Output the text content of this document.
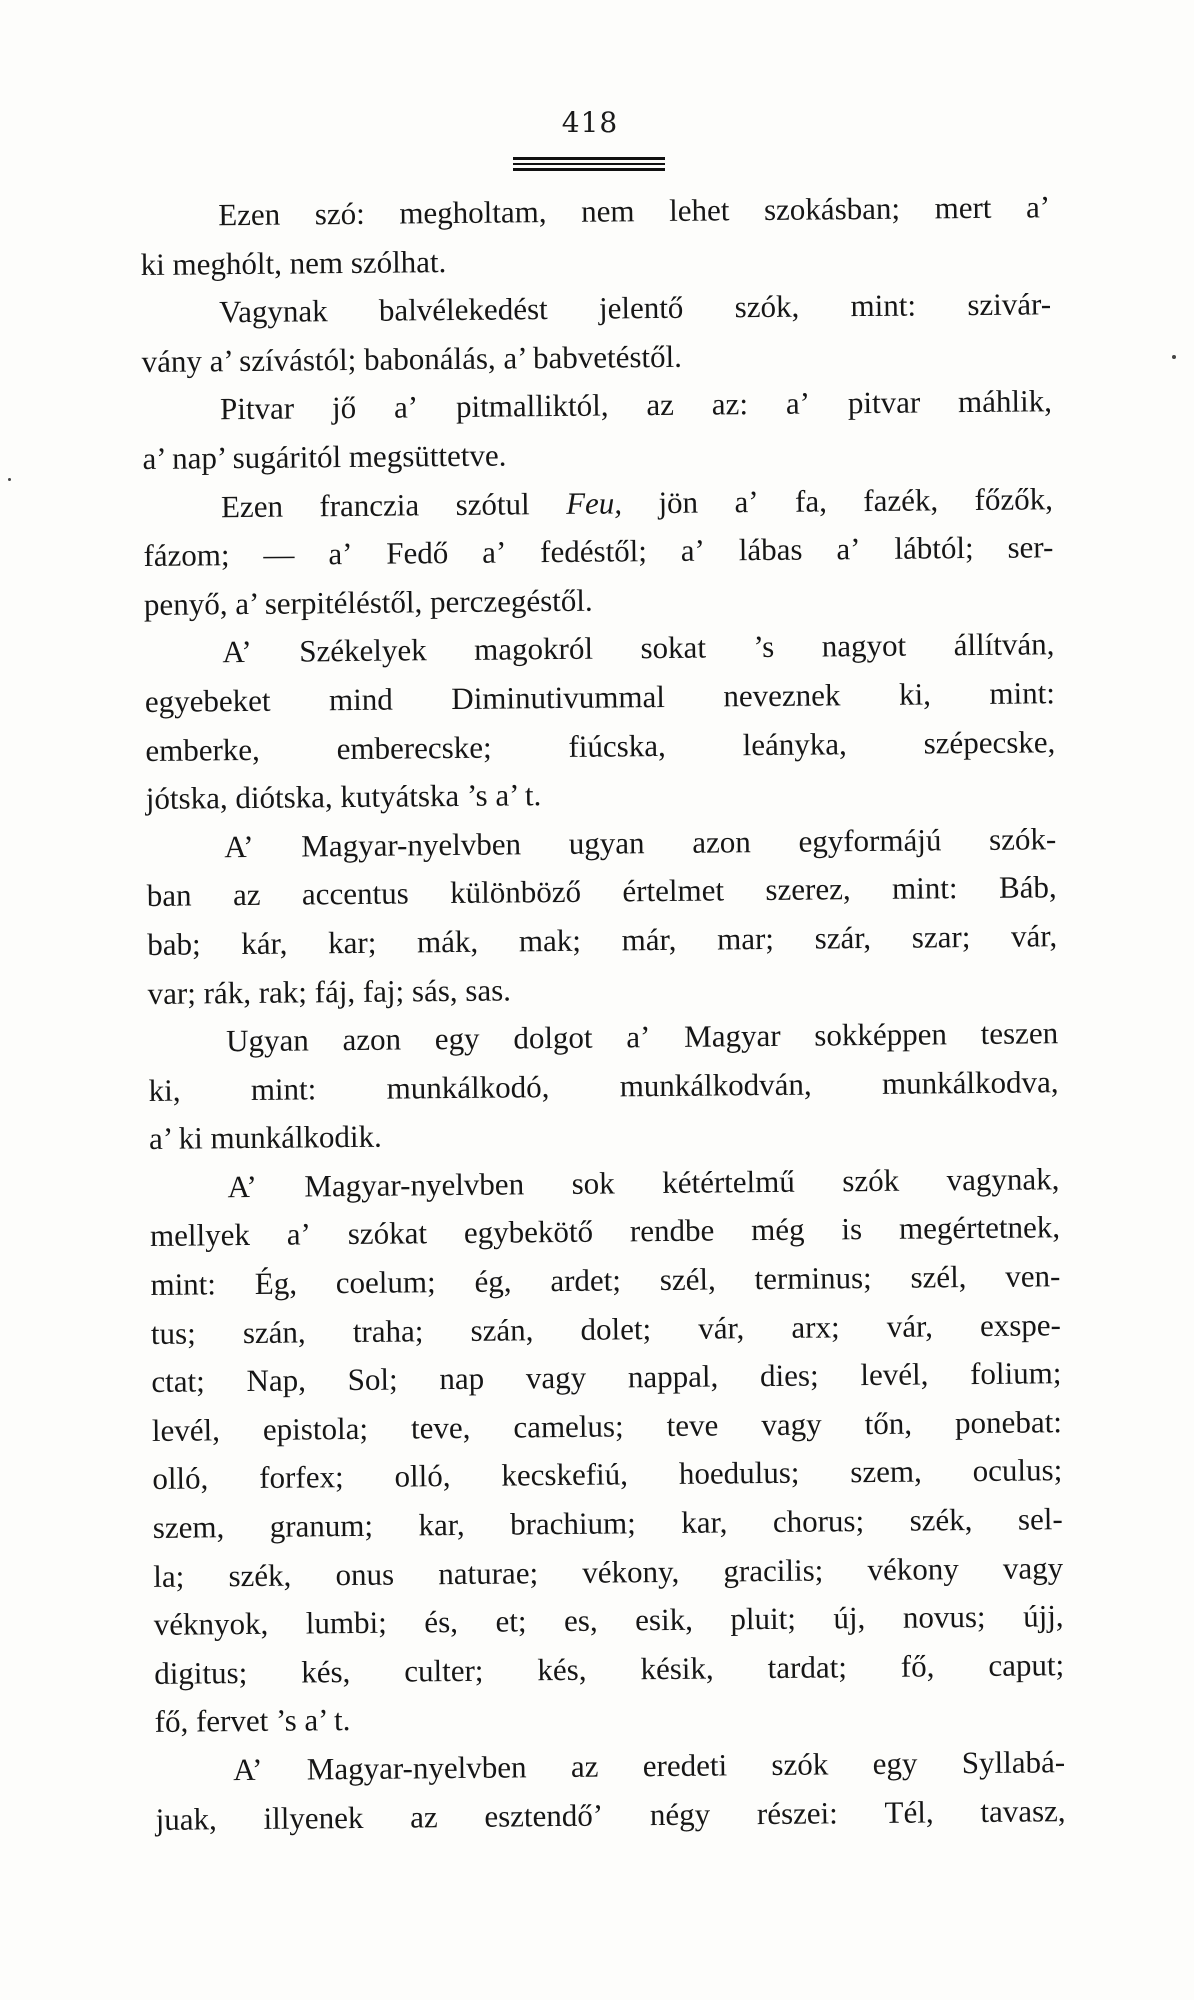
418
Ezen szó: megholtam, nem lehet szokásban; mert a’
ki meghólt, nem szólhat.
Vagynak balvélekedést jelentő szók, mint: szivár-
vány a’ szívástól; babonálás, a’ babvetéstől.
Pitvar jő a’ pitmalliktól, az az: a’ pitvar máhlik,
a’ nap’ sugáritól megsüttetve.
Ezen franczia szótul Feu, jön a’ fa, fazék, főzők,
fázom; — a’ Fedő a’ fedéstől; a’ lábas a’ lábtól; ser-
penyő, a’ serpitéléstől, perczegéstől.
A’ Székelyek magokról sokat ’s nagyot állítván,
egyebeket mind Diminutivummal neveznek ki, mint:
emberke, emberecske; fiúcska, leányka, szépecske,
jótska, diótska, kutyátska ’s a’ t.
A’ Magyar-nyelvben ugyan azon egyformájú szók-
ban az accentus különböző értelmet szerez, mint: Báb,
bab; kár, kar; mák, mak; már, mar; szár, szar; vár,
var; rák, rak; fáj, faj; sás, sas.
Ugyan azon egy dolgot a’ Magyar sokképpen teszen
ki, mint: munkálkodó, munkálkodván, munkálkodva,
a’ ki munkálkodik.
A’ Magyar-nyelvben sok kétértelmű szók vagynak,
mellyek a’ szókat egybekötő rendbe még is megértetnek,
mint: Ég, coelum; ég, ardet; szél, terminus; szél, ven-
tus; szán, traha; szán, dolet; vár, arx; vár, exspe-
ctat; Nap, Sol; nap vagy nappal, dies; levél, folium;
levél, epistola; teve, camelus; teve vagy tőn, ponebat:
olló, forfex; olló, kecskefiú, hoedulus; szem, oculus;
szem, granum; kar, brachium; kar, chorus; szék, sel-
la; szék, onus naturae; vékony, gracilis; vékony vagy
véknyok, lumbi; és, et; es, esik, pluit; új, novus; újj,
digitus; kés, culter; kés, késik, tardat; fő, caput;
fő, fervet ’s a’ t.
A’ Magyar-nyelvben az eredeti szók egy Syllabá-
juak, illyenek az esztendő’ négy részei: Tél, tavasz,
